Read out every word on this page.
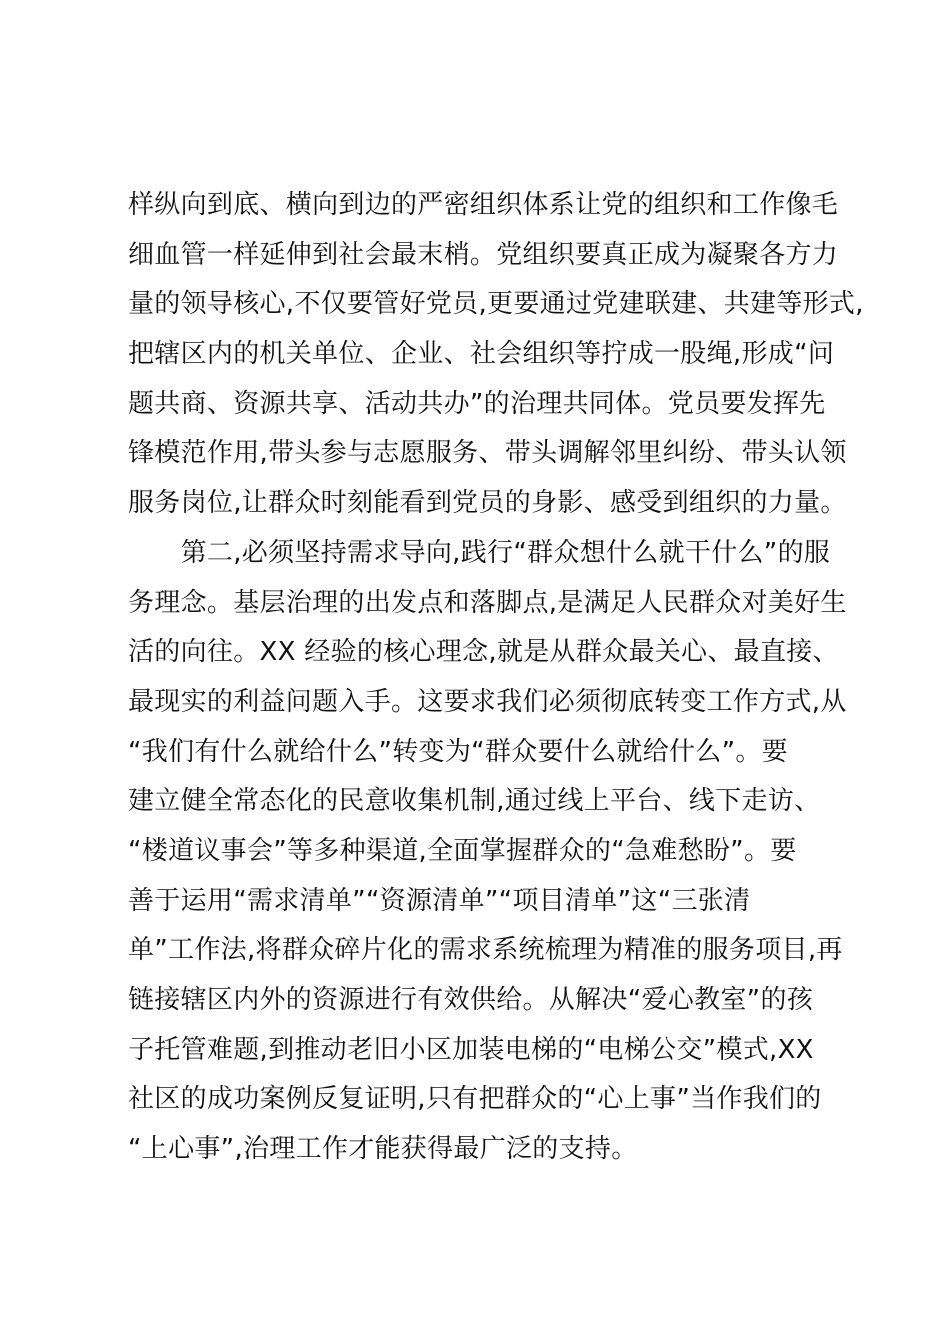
样纵向到底、横向到边的严密组织体系让党的组织和工作像毛
细血管一样延伸到社会最末梢。党组织要真正成为凝聚各方力
量的领导核心,不仅要管好党员,更要通过党建联建、共建等形式,
把辖区内的机关单位、企业、社会组织等拧成一股绳,形成“问
题共商、资源共享、活动共办”的治理共同体。党员要发挥先
锋模范作用,带头参与志愿服务、带头调解邻里纠纷、带头认领
服务岗位,让群众时刻能看到党员的身影、感受到组织的力量。
　　第二,必须坚持需求导向,践行“群众想什么就干什么”的服
务理念。基层治理的出发点和落脚点,是满足人民群众对美好生
活的向往。XX 经验的核心理念,就是从群众最关心、最直接、
最现实的利益问题入手。这要求我们必须彻底转变工作方式,从
“我们有什么就给什么”转变为“群众要什么就给什么”。要
建立健全常态化的民意收集机制,通过线上平台、线下走访、
“楼道议事会”等多种渠道,全面掌握群众的“急难愁盼”。要
善于运用“需求清单”“资源清单”“项目清单”这“三张清
单”工作法,将群众碎片化的需求系统梳理为精准的服务项目,再
链接辖区内外的资源进行有效供给。从解决“爱心教室”的孩
子托管难题,到推动老旧小区加装电梯的“电梯公交”模式,XX
社区的成功案例反复证明,只有把群众的“心上事”当作我们的
“上心事”,治理工作才能获得最广泛的支持。
